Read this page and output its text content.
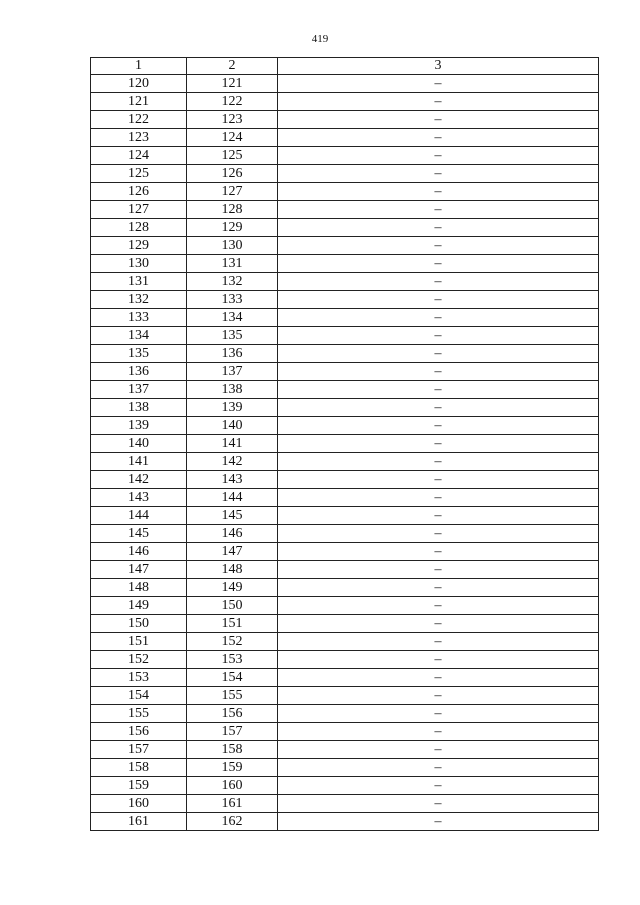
419
1	2	3
120	121	–
121	122	–
122	123	–
123	124	–
124	125	–
125	126	–
126	127	–
127	128	–
128	129	–
129	130	–
130	131	–
131	132	–
132	133	–
133	134	–
134	135	–
135	136	–
136	137	–
137	138	–
138	139	–
139	140	–
140	141	–
141	142	–
142	143	–
143	144	–
144	145	–
145	146	–
146	147	–
147	148	–
148	149	–
149	150	–
150	151	–
151	152	–
152	153	–
153	154	–
154	155	–
155	156	–
156	157	–
157	158	–
158	159	–
159	160	–
160	161	–
161	162	–
